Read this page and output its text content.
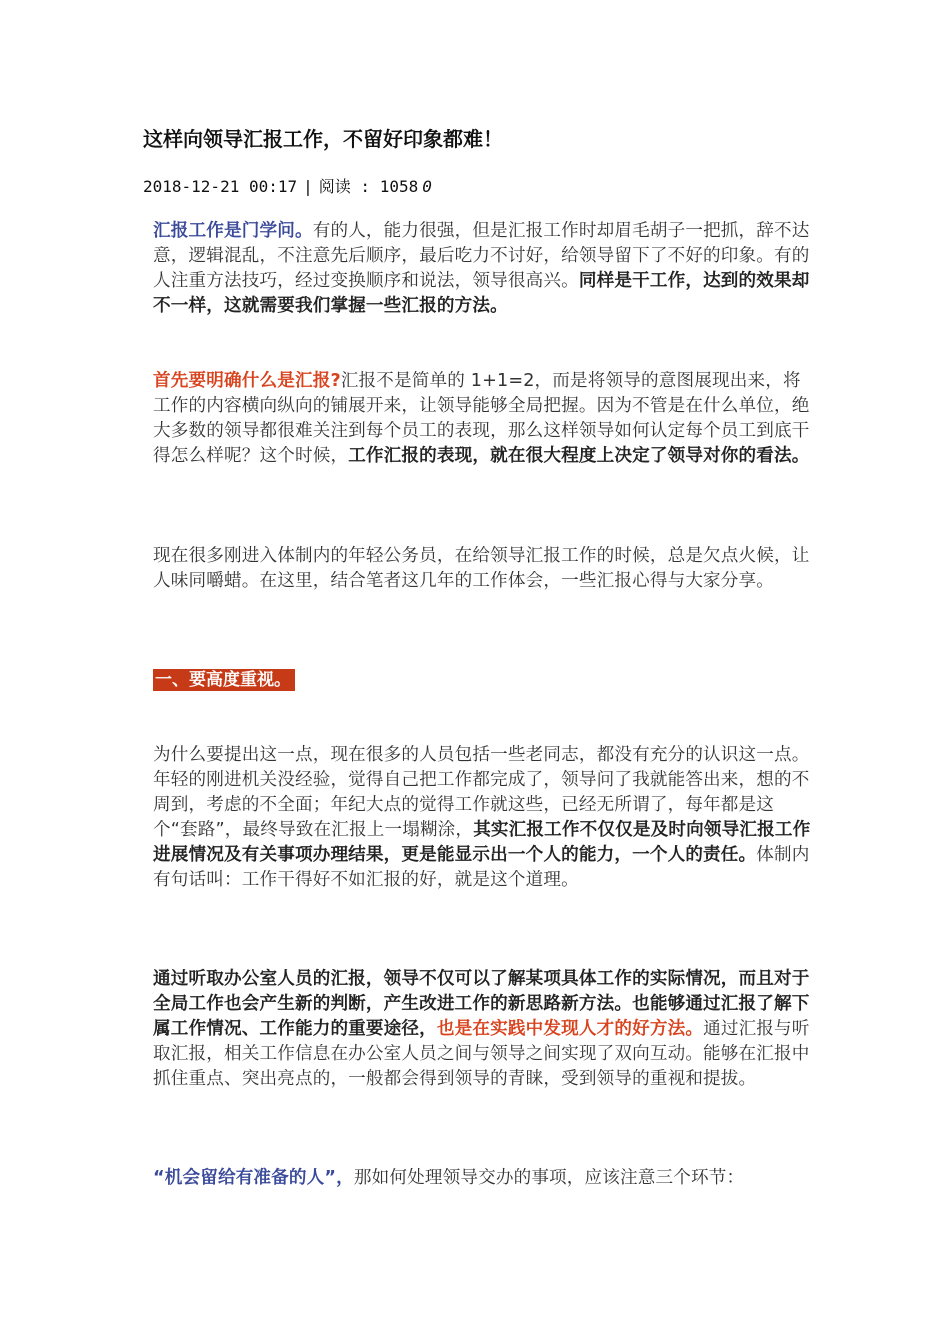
这样向领导汇报工作，不留好印象都难！
2018-12-21 00:17 | 阅读 : 1058 0

汇报工作是门学问。有的人，能力很强，但是汇报工作时却眉毛胡子一把抓，辞不达意，逻辑混乱，不注意先后顺序，最后吃力不讨好，给领导留下了不好的印象。有的人注重方法技巧，经过变换顺序和说法，领导很高兴。同样是干工作，达到的效果却不一样，这就需要我们掌握一些汇报的方法。

首先要明确什么是汇报?汇报不是简单的 1+1=2，而是将领导的意图展现出来，将工作的内容横向纵向的铺展开来，让领导能够全局把握。因为不管是在什么单位，绝大多数的领导都很难关注到每个员工的表现，那么这样领导如何认定每个员工到底干得怎么样呢？这个时候，工作汇报的表现，就在很大程度上决定了领导对你的看法。

现在很多刚进入体制内的年轻公务员，在给领导汇报工作的时候，总是欠点火候，让人味同嚼蜡。在这里，结合笔者这几年的工作体会，一些汇报心得与大家分享。

一、要高度重视。

为什么要提出这一点，现在很多的人员包括一些老同志，都没有充分的认识这一点。年轻的刚进机关没经验，觉得自己把工作都完成了，领导问了我就能答出来，想的不周到，考虑的不全面；年纪大点的觉得工作就这些，已经无所谓了，每年都是这个“套路”，最终导致在汇报上一塌糊涂，其实汇报工作不仅仅是及时向领导汇报工作进展情况及有关事项办理结果，更是能显示出一个人的能力，一个人的责任。体制内有句话叫：工作干得好不如汇报的好，就是这个道理。

通过听取办公室人员的汇报，领导不仅可以了解某项具体工作的实际情况，而且对于全局工作也会产生新的判断，产生改进工作的新思路新方法。也能够通过汇报了解下属工作情况、工作能力的重要途径，也是在实践中发现人才的好方法。通过汇报与听取汇报，相关工作信息在办公室人员之间与领导之间实现了双向互动。能够在汇报中抓住重点、突出亮点的，一般都会得到领导的青睐，受到领导的重视和提拔。

“机会留给有准备的人”，那如何处理领导交办的事项，应该注意三个环节：
